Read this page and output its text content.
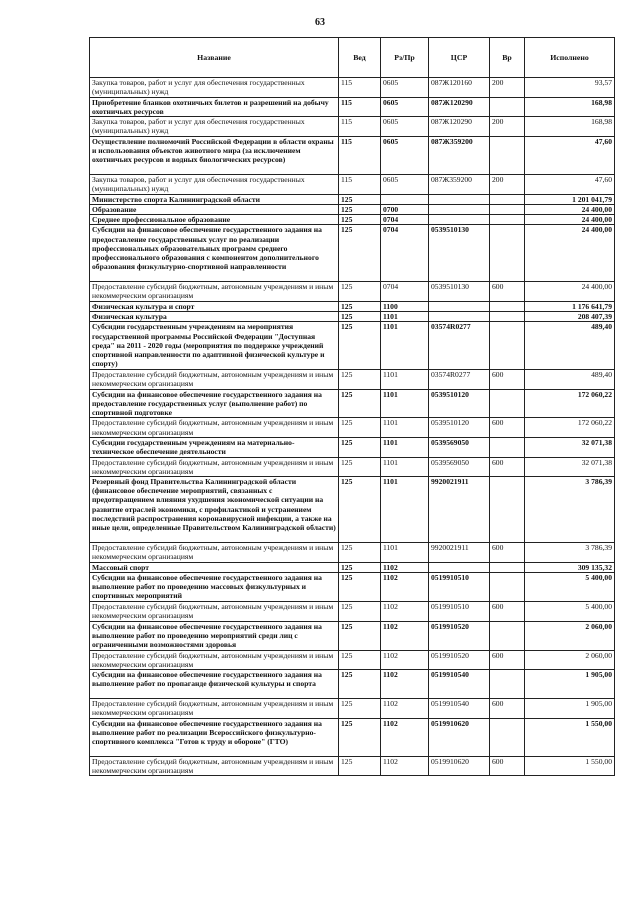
63
Название	Вед	Рз/Пр	ЦСР	Вр	Исполнено
Закупка товаров, работ и услуг для обеспечения государственных (муниципальных) нужд	115	0605	087Ж120160	200	93,57
Приобретение бланков охотничьих билетов и разрешений на добычу охотничьих ресурсов	115	0605	087Ж120290		168,98
Закупка товаров, работ и услуг для обеспечения государственных (муниципальных) нужд	115	0605	087Ж120290	200	168,98
Осуществление полномочий Российской Федерации в области охраны и использования объектов животного мира (за исключением охотничьих ресурсов и водных биологических ресурсов)	115	0605	087Ж359200		47,60
Закупка товаров, работ и услуг для обеспечения государственных (муниципальных) нужд	115	0605	087Ж359200	200	47,60
Министерство спорта Калининградской области	125				1 201 041,79
Образование	125	0700			24 400,00
Среднее профессиональное образование	125	0704			24 400,00
Субсидии на финансовое обеспечение государственного задания на предоставление государственных услуг по реализации профессиональных образовательных программ среднего профессионального образования с компонентом дополнительного образования физкультурно-спортивной направленности	125	0704	0539510130		24 400,00
Предоставление субсидий бюджетным, автономным учреждениям и иным некоммерческим организациям	125	0704	0539510130	600	24 400,00
Физическая культура и спорт	125	1100			1 176 641,79
Физическая культура	125	1101			208 407,39
Субсидии государственным учреждениям на мероприятия государственной программы Российской Федерации "Доступная среда" на 2011 - 2020 годы (мероприятия по поддержке учреждений спортивной направленности по адаптивной физической культуре и спорту)	125	1101	03574R0277		489,40
Предоставление субсидий бюджетным, автономным учреждениям и иным некоммерческим организациям	125	1101	03574R0277	600	489,40
Субсидии на финансовое обеспечение государственного задания на предоставление государственных услуг (выполнение работ) по спортивной подготовке	125	1101	0539510120		172 060,22
Предоставление субсидий бюджетным, автономным учреждениям и иным некоммерческим организациям	125	1101	0539510120	600	172 060,22
Субсидии государственным учреждениям на материально-техническое обеспечение деятельности	125	1101	0539569050		32 071,38
Предоставление субсидий бюджетным, автономным учреждениям и иным некоммерческим организациям	125	1101	0539569050	600	32 071,38
Резервный фонд Правительства Калининградской области (финансовое обеспечение мероприятий, связанных с предотвращением влияния ухудшения экономической ситуации на развитие отраслей экономики, с профилактикой и устранением последствий распространения коронавирусной инфекции, а также на иные цели, определенные Правительством Калининградской области)	125	1101	9920021911		3 786,39
Предоставление субсидий бюджетным, автономным учреждениям и иным некоммерческим организациям	125	1101	9920021911	600	3 786,39
Массовый спорт	125	1102			309 135,32
Субсидии на финансовое обеспечение государственного задания на выполнение работ по проведению массовых физкультурных и спортивных мероприятий	125	1102	0519910510		5 400,00
Предоставление субсидий бюджетным, автономным учреждениям и иным некоммерческим организациям	125	1102	0519910510	600	5 400,00
Субсидии на финансовое обеспечение государственного задания на выполнение работ по проведению мероприятий среди лиц с ограниченными возможностями здоровья	125	1102	0519910520		2 060,00
Предоставление субсидий бюджетным, автономным учреждениям и иным некоммерческим организациям	125	1102	0519910520	600	2 060,00
Субсидии на финансовое обеспечение государственного задания на выполнение работ по пропаганде физической культуры и спорта	125	1102	0519910540		1 905,00
Предоставление субсидий бюджетным, автономным учреждениям и иным некоммерческим организациям	125	1102	0519910540	600	1 905,00
Субсидии на финансовое обеспечение государственного задания на выполнение работ по реализации Всероссийского физкультурно-спортивного комплекса "Готов к труду и обороне" (ГТО)	125	1102	0519910620		1 550,00
Предоставление субсидий бюджетным, автономным учреждениям и иным некоммерческим организациям	125	1102	0519910620	600	1 550,00
